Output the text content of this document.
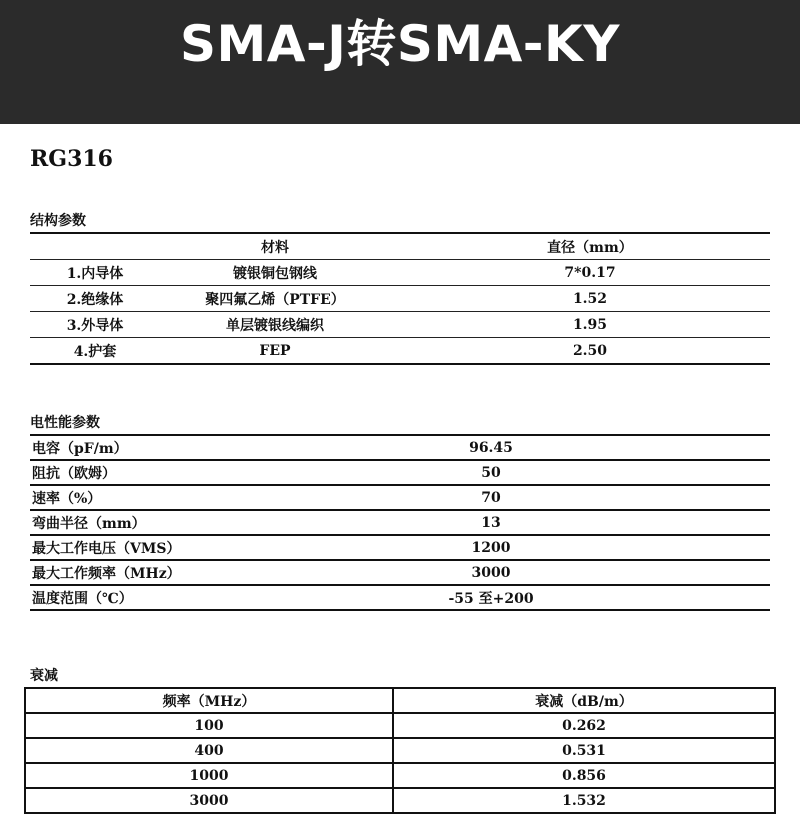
SMA-J转SMA-KY
RG316
结构参数
	材料	直径（mm）
1.内导体	镀银铜包钢线	7*0.17
2.绝缘体	聚四氟乙烯（PTFE）	1.52
3.外导体	单层镀银线编织	1.95
4.护套	FEP	2.50
电性能参数
电容（pF/m）	96.45
阻抗（欧姆）	50
速率（%）	70
弯曲半径（mm）	13
最大工作电压（VMS）	1200
最大工作频率（MHz）	3000
温度范围（℃）	-55 至+200
衰减
频率（MHz）	衰减（dB/m）
100	0.262
400	0.531
1000	0.856
3000	1.532
